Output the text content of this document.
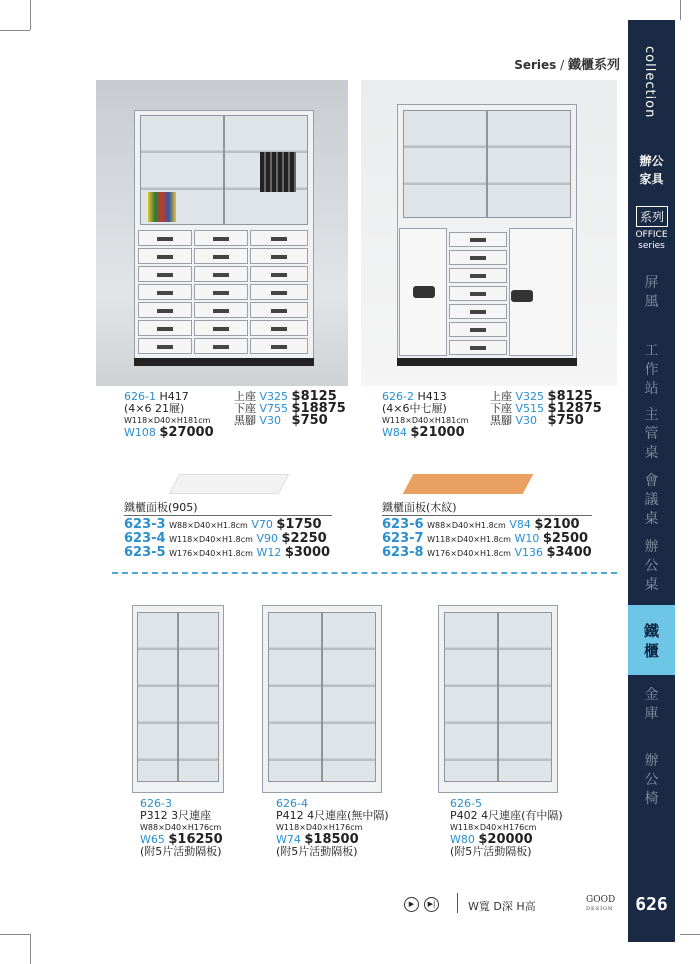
Series / 鐵櫃系列 collection
辦公
家具
系列
OFFICE
series
屏
風
工
作
站
主
管
桌
會
議
桌
辦
公
桌
金
庫
辦
公
椅
鐵
櫃
626-1 H417
(4×6 21屜)
W118×D40×H181cm
W108 $27000
上座 V325 $8125
下座 V755 $18875
黑腳 V30 $750
626-2 H413
(4×6中七屜)
W118×D40×H181cm
W84 $21000
上座 V325 $8125
下座 V515 $12875
黑腳 V30 $750
鐵櫃面板(905)
623-3 W88×D40×H1.8cm V70 $1750
623-4 W118×D40×H1.8cm V90 $2250
623-5 W176×D40×H1.8cm W12 $3000
鐵櫃面板(木紋)
623-6 W88×D40×H1.8cm V84 $2100
623-7 W118×D40×H1.8cm W10 $2500
623-8 W176×D40×H1.8cm V136 $3400
626-3
P312 3尺連座
W88×D40×H176cm
W65 $16250
(附5片活動隔板)
626-4
P412 4尺連座(無中隔)
W118×D40×H176cm
W74 $18500
(附5片活動隔板)
626-5
P402 4尺連座(有中隔)
W118×D40×H176cm
W80 $20000
(附5片活動隔板)
▶	▶|	W寬 D深 H高	GOOD
DESIGN	626
